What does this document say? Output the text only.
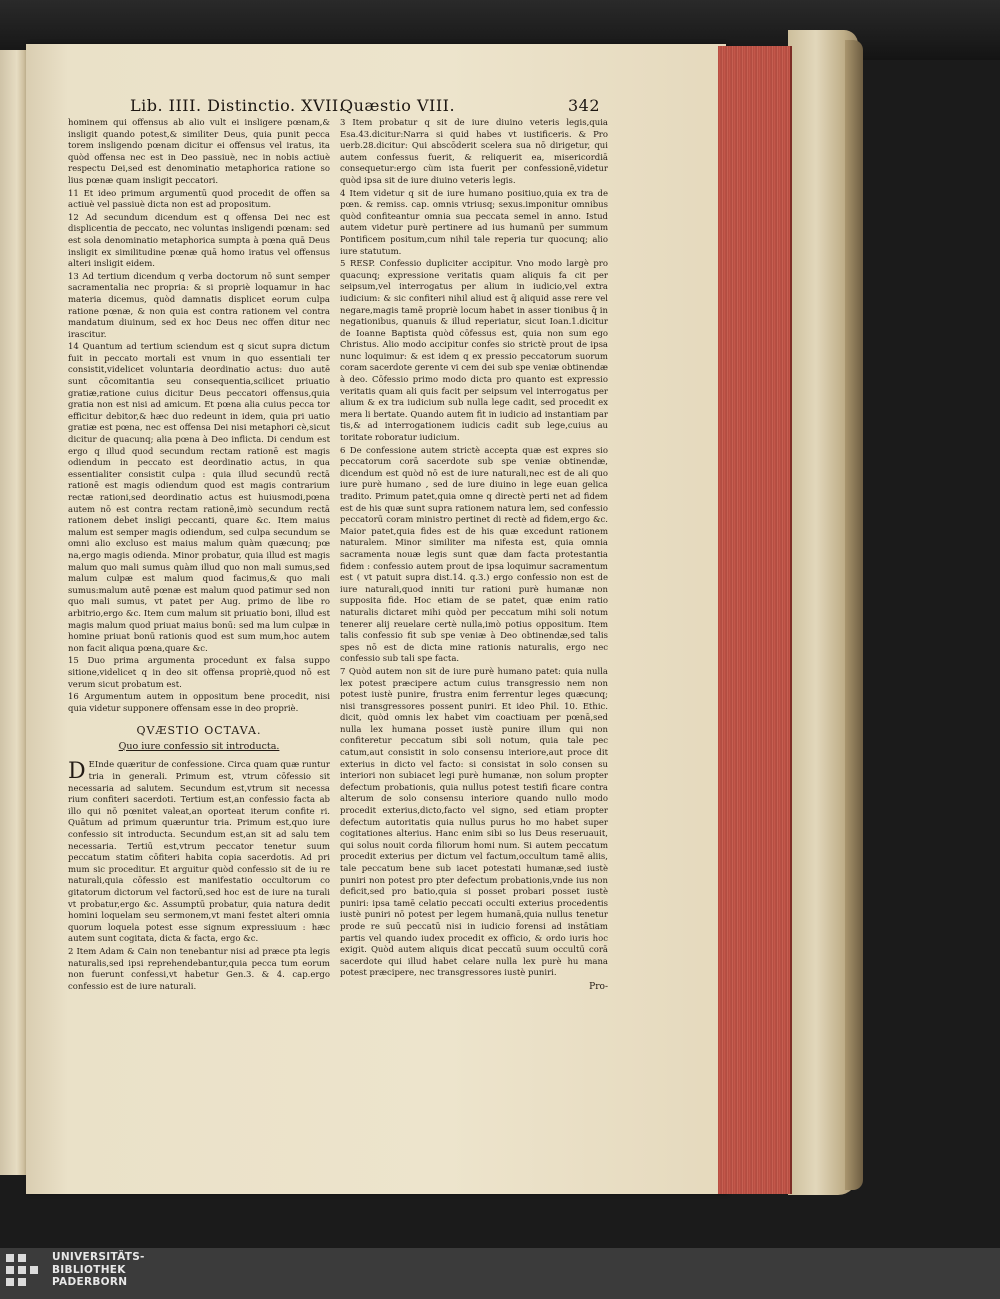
Lib. IIII. Distinctio. XVII.
Quæstio VIII.	342

hominem qui offensus ab alio vult ei insligere pœnam,& insligit quando potest,& similiter Deus, quia punit pecca torem insligendo pœnam dicitur ei offensus vel iratus, ita quòd offensa nec est in Deo passiuè, nec in nobis actiuè respectu Dei,sed est denominatio metaphorica ratione so lius pœnæ quam insligit peccatori.

11 Et ideo primum argumentū quod procedit de offen sa actiuè vel passiuè dicta non est ad propositum.

12 Ad secundum dicendum est q offensa Dei nec est displicentia de peccato, nec voluntas insligendi pœnam: sed est sola denominatio metaphorica sumpta à pœna quā Deus insligit ex similitudine pœnæ quā homo iratus vel offensus alteri insligit eidem.

13 Ad tertium dicendum q verba doctorum nō sunt semper sacramentalia nec propria: & si propriè loquamur in hac materia dicemus, quòd damnatis displicet eorum culpa ratione pœnæ, & non quia est contra rationem vel contra mandatum diuinum, sed ex hoc Deus nec offen ditur nec irascitur.

14 Quantum ad tertium sciendum est q sicut supra dictum fuit in peccato mortali est vnum in quo essentiali ter consistit,videlicet voluntaria deordinatio actus: duo autē sunt cōcomitantia seu consequentia,scilicet priuatio gratiæ,ratione cuius dicitur Deus peccatori offensus,quia gratia non est nisi ad amicum. Et pœna alia cuius pecca tor efficitur debitor,& hæc duo redeunt in idem, quia pri uatio gratiæ est pœna, nec est offensa Dei nisi metaphori cè,sicut dicitur de quacunq; alia pœna à Deo inflicta. Di cendum est ergo q illud quod secundum rectam rationē est magis odiendum in peccato est deordinatio actus, in qua essentialiter consistit culpa : quia illud secundū rectā rationē est magis odiendum quod est magis contrarium rectæ rationi,sed deordinatio actus est huiusmodi,pœna autem nō est contra rectam rationē,imò secundum rectā rationem debet insligi peccanti, quare &c. Item maius malum est semper magis odiendum, sed culpa secundum se omni alio excluso est maius malum quàm quæcunq; pœ na,ergo magis odienda. Minor probatur, quia illud est magis malum quo mali sumus quàm illud quo non mali sumus,sed malum culpæ est malum quod facimus,& quo mali sumus:malum autē pœnæ est malum quod patimur sed non quo mali sumus, vt patet per Aug. primo de libe ro arbitrio,ergo &c. Item cum malum sit priuatio boni, illud est magis malum quod priuat maius bonū: sed ma lum culpæ in homine priuat bonū rationis quod est sum mum,hoc autem non facit aliqua pœna,quare &c.

15 Duo prima argumenta procedunt ex falsa suppo sitione,videlicet q in deo sit offensa propriè,quod nō est verum sicut probatum est.

16 Argumentum autem in oppositum bene procedit, nisi quia videtur supponere offensam esse in deo propriè.

QVÆSTIO OCTAVA.
Quo iure confessio sit introducta.

D EInde quæritur de confessione. Circa quam quæ runtur tria in generali. Primum est, vtrum cōfessio sit necessaria ad salutem. Secundum est,vtrum sit necessa rium confiteri sacerdoti. Tertium est,an confessio facta ab illo qui nō pœnitet valeat,an oporteat iterum confite ri. Quātum ad primum quæruntur tria. Primum est,quo iure confessio sit introducta. Secundum est,an sit ad salu tem necessaria. Tertiū est,vtrum peccator tenetur suum peccatum statim cōfiteri habita copia sacerdotis. Ad pri mum sic proceditur. Et arguitur quòd confessio sit de iu re naturali,quia cōfessio est manifestatio occultorum co gitatorum dictorum vel factorū,sed hoc est de iure na turali vt probatur,ergo &c. Assumptū probatur, quia natura dedit homini loquelam seu sermonem,vt mani festet alteri omnia quorum loquela potest esse signum expressiuum : hæc autem sunt cogitata, dicta & facta, ergo &c.

2 Item Adam & Cain non tenebantur nisi ad præce pta legis naturalis,sed ipsi reprehendebantur,quia pecca tum eorum non fuerunt confessi,vt habetur Gen.3. & 4. cap.ergo confessio est de iure naturali.

3 Item probatur q sit de iure diuino veteris legis,quia Esa.43.dicitur:Narra si quid habes vt iustificeris. & Pro uerb.28.dicitur: Qui abscōderit scelera sua nō dirigetur, qui autem confessus fuerit, & reliquerit ea, misericordiā consequetur:ergo cùm ista fuerit per confessionē,videtur quòd ipsa sit de iure diuino veteris legis.

4 Item videtur q sit de iure humano positiuo,quia ex tra de pœn. & remiss. cap. omnis vtriusq; sexus.imponitur omnibus quòd confiteantur omnia sua peccata semel in anno. Istud autem videtur purè pertinere ad ius humanū per summum Pontificem positum,cum nihil tale reperia tur quocunq; alio iure statutum.

5 RESP. Confessio dupliciter accipitur. Vno modo largè pro quacunq; expressione veritatis quam aliquis fa cit per seipsum,vel interrogatus per alium in iudicio,vel extra iudicium: & sic confiteri nihil aliud est q̄ aliquid asse rere vel negare,magis tamē propriè locum habet in asser tionibus q̄ in negationibus, quanuis & illud reperiatur, sicut Ioan.1.dicitur de Ioanne Baptista quòd cōfessus est, quia non sum ego Christus. Alio modo accipitur confes sio strictè prout de ipsa nunc loquimur: & est idem q ex pressio peccatorum suorum coram sacerdote gerente vi cem dei sub spe veniæ obtinendæ à deo. Cōfessio primo modo dicta pro quanto est expressio veritatis quam ali quis facit per seipsum vel interrogatus per alium & ex tra iudicium sub nulla lege cadit, sed procedit ex mera li bertate. Quando autem fit in iudicio ad instantiam par tis,& ad interrogationem iudicis cadit sub lege,cuius au toritate roboratur iudicium.

6 De confessione autem strictè accepta quæ est expres sio peccatorum corā sacerdote sub spe veniæ obtinendæ, dicendum est quòd nō est de iure naturali,nec est de ali quo iure purè humano , sed de iure diuino in lege euan gelica tradito. Primum patet,quia omne q directè perti net ad fidem est de his quæ sunt supra rationem natura lem, sed confessio peccatorū coram ministro pertinet di rectè ad fidem,ergo &c. Maior patet,quia fides est de his quæ excedunt rationem naturalem. Minor similiter ma nifesta est, quia omnia sacramenta nouæ legis sunt quæ dam facta protestantia fidem : confessio autem prout de ipsa loquimur sacramentum est ( vt patuit supra dist.14. q.3.) ergo confessio non est de iure naturali,quod inniti tur rationi purè humanæ non supposita fide. Hoc etiam de se patet, quæ enim ratio naturalis dictaret mihi quòd per peccatum mihi soli notum tenerer alij reuelare certè nulla,imò potius oppositum. Item talis confessio fit sub spe veniæ à Deo obtinendæ,sed talis spes nō est de dicta mine rationis naturalis, ergo nec confessio sub tali spe facta.

7 Quòd autem non sit de iure purè humano patet: quia nulla lex potest præcipere actum cuius transgressio nem non potest iustè punire, frustra enim ferrentur leges quæcunq; nisi transgressores possent puniri. Et ideo Phil. 10. Ethic. dicit, quòd omnis lex habet vim coactiuam per pœnā,sed nulla lex humana posset iustè punire illum qui non confiteretur peccatum sibi soli notum, quia tale pec catum,aut consistit in solo consensu interiore,aut proce dit exterius in dicto vel facto: si consistat in solo consen su interiori non subiacet legi purè humanæ, non solum propter defectum probationis, quia nullus potest testifi ficare contra alterum de solo consensu interiore quando nullo modo procedit exterius,dicto,facto vel signo, sed etiam propter defectum autoritatis quia nullus purus ho mo habet super cogitationes alterius. Hanc enim sibi so lus Deus reseruauit, qui solus nouit corda filiorum homi num. Si autem peccatum procedit exterius per dictum vel factum,occultum tamē aliis, tale peccatum bene sub iacet potestati humanæ,sed iustè puniri non potest pro pter defectum probationis,vnde ius non deficit,sed pro batio,quia si posset probari posset iustè puniri: ipsa tamē celatio peccati occulti exterius procedentis iustè puniri nō potest per legem humanā,quia nullus tenetur prode re suū peccatū nisi in iudicio forensi ad instātiam partis vel quando iudex procedit ex officio, & ordo iuris hoc exigit. Quòd autem aliquis dicat peccatū suum occultū corā sacerdote qui illud habet celare nulla lex purè hu mana potest præcipere, nec transgressores iustè puniri.

Pro-
UNIVERSITÄTS-
BIBLIOTHEK
PADERBORN
